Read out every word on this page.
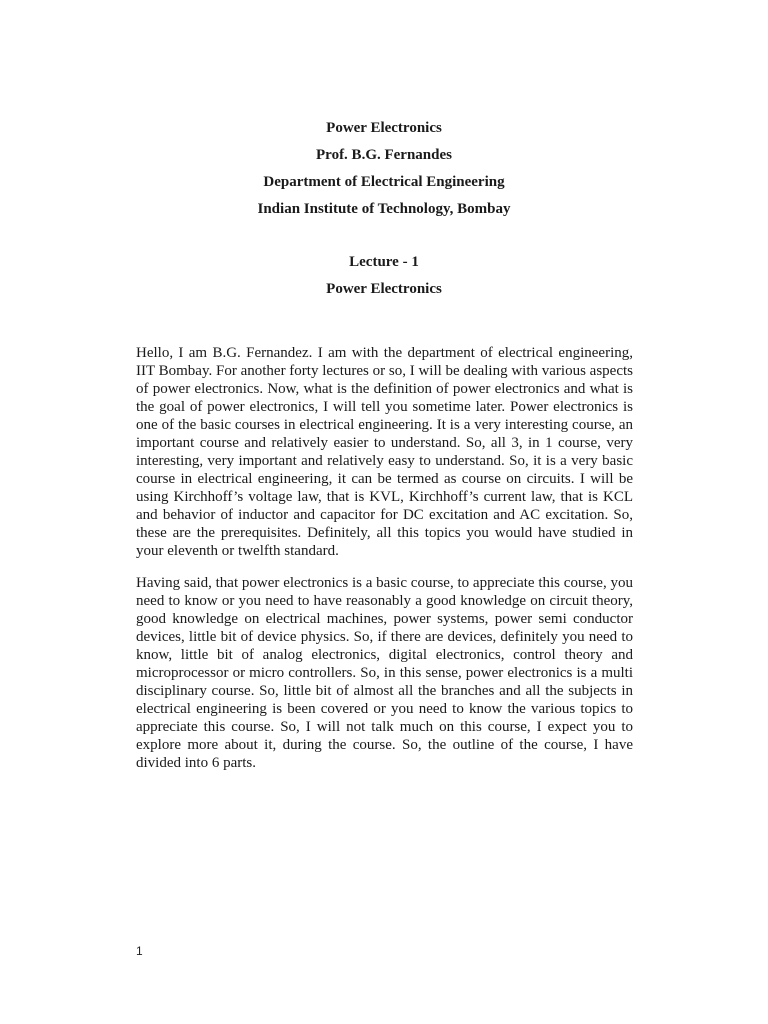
Power Electronics
Prof. B.G. Fernandes
Department of Electrical Engineering
Indian Institute of Technology, Bombay
Lecture - 1
Power Electronics

Hello, I am B.G. Fernandez. I am with the department of electrical engineering, IIT Bombay. For another forty lectures or so, I will be dealing with various aspects of power electronics. Now, what is the definition of power electronics and what is the goal of power electronics, I will tell you sometime later. Power electronics is one of the basic courses in electrical engineering. It is a very interesting course, an important course and relatively easier to understand. So, all 3, in 1 course, very interesting, very important and relatively easy to understand. So, it is a very basic course in electrical engineering, it can be termed as course on circuits. I will be using Kirchhoff’s voltage law, that is KVL, Kirchhoff’s current law, that is KCL and behavior of inductor and capacitor for DC excitation and AC excitation. So, these are the prerequisites. Definitely, all this topics you would have studied in your eleventh or twelfth standard.

Having said, that power electronics is a basic course, to appreciate this course, you need to know or you need to have reasonably a good knowledge on circuit theory, good knowledge on electrical machines, power systems, power semi conductor devices, little bit of device physics. So, if there are devices, definitely you need to know, little bit of analog electronics, digital electronics, control theory and microprocessor or micro controllers. So, in this sense, power electronics is a multi disciplinary course. So, little bit of almost all the branches and all the subjects in electrical engineering is been covered or you need to know the various topics to appreciate this course. So, I will not talk much on this course, I expect you to explore more about it, during the course. So, the outline of the course, I have divided into 6 parts.

1
